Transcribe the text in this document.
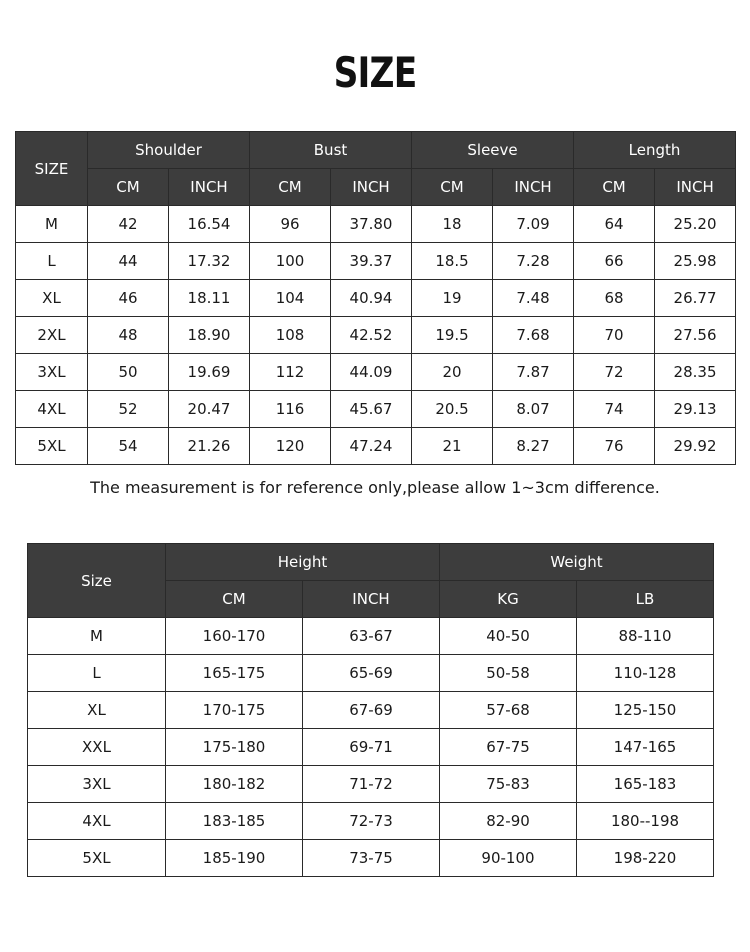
SIZE
SIZE	Shoulder		Bust		Sleeve		Length	
	CM	INCH	CM	INCH	CM	INCH	CM	INCH
M	42	16.54	96	37.80	18	7.09	64	25.20
L	44	17.32	100	39.37	18.5	7.28	66	25.98
XL	46	18.11	104	40.94	19	7.48	68	26.77
2XL	48	18.90	108	42.52	19.5	7.68	70	27.56
3XL	50	19.69	112	44.09	20	7.87	72	28.35
4XL	52	20.47	116	45.67	20.5	8.07	74	29.13
5XL	54	21.26	120	47.24	21	8.27	76	29.92
The measurement is for reference only,please allow 1~3cm difference.
Size	Height		Weight	
	CM	INCH	KG	LB
M	160-170	63-67	40-50	88-110
L	165-175	65-69	50-58	110-128
XL	170-175	67-69	57-68	125-150
XXL	175-180	69-71	67-75	147-165
3XL	180-182	71-72	75-83	165-183
4XL	183-185	72-73	82-90	180--198
5XL	185-190	73-75	90-100	198-220
